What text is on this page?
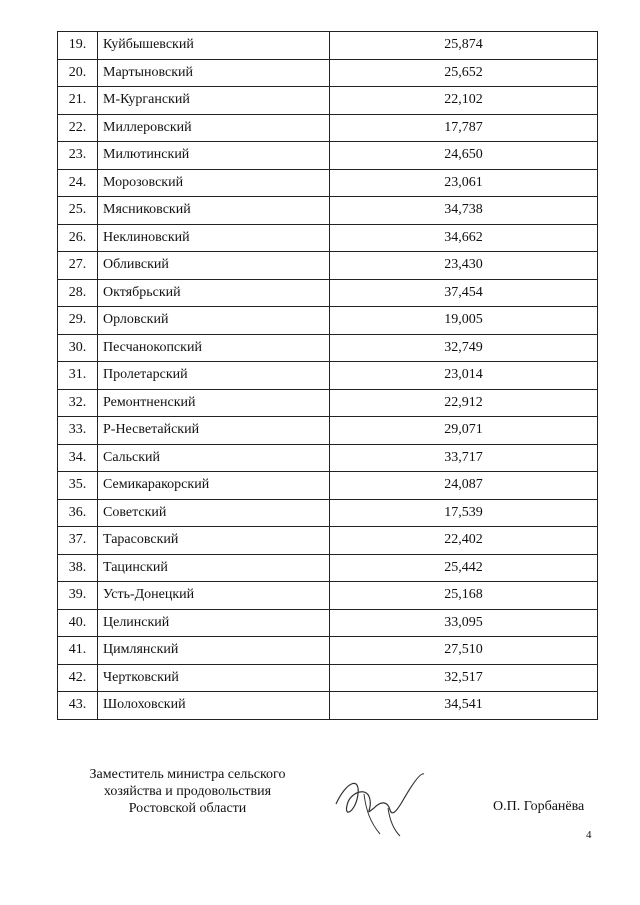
19.	Куйбышевский	25,874
20.	Мартыновский	25,652
21.	М-Курганский	22,102
22.	Миллеровский	17,787
23.	Милютинский	24,650
24.	Морозовский	23,061
25.	Мясниковский	34,738
26.	Неклиновский	34,662
27.	Обливский	23,430
28.	Октябрьский	37,454
29.	Орловский	19,005
30.	Песчанокопский	32,749
31.	Пролетарский	23,014
32.	Ремонтненский	22,912
33.	Р-Несветайский	29,071
34.	Сальский	33,717
35.	Семикаракорский	24,087
36.	Советский	17,539
37.	Тарасовский	22,402
38.	Тацинский	25,442
39.	Усть-Донецкий	25,168
40.	Целинский	33,095
41.	Цимлянский	27,510
42.	Чертковский	32,517
43.	Шолоховский	34,541
Заместитель министра сельского
хозяйства и продовольствия
Ростовской области	О.П. Горбанёва
4
